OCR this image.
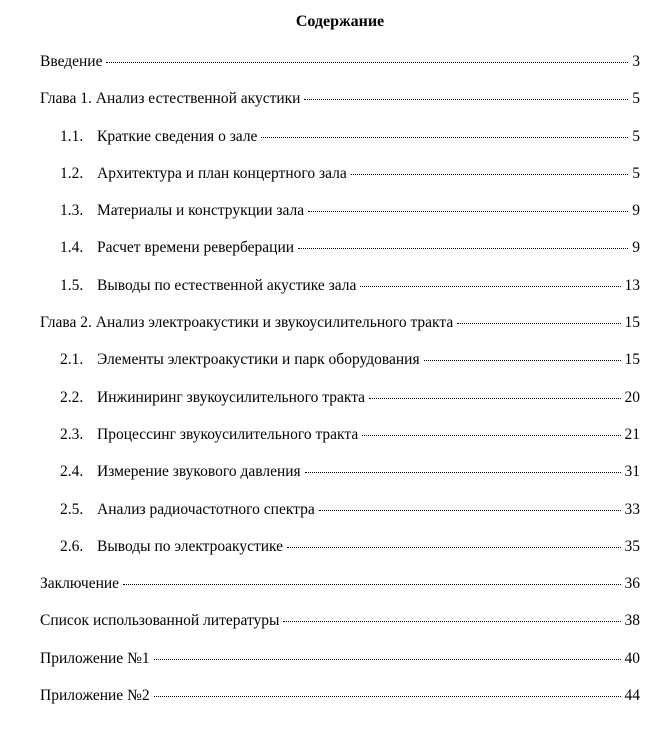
Содержание
Введение	3
Глава 1. Анализ естественной акустики	5
1.1. Краткие сведения о зале	5
1.2. Архитектура и план концертного зала	5
1.3. Материалы и конструкции зала	9
1.4. Расчет времени реверберации	9
1.5. Выводы по естественной акустике зала	13
Глава 2. Анализ электроакустики и звукоусилительного тракта	15
2.1. Элементы электроакустики и парк оборудования	15
2.2. Инжиниринг звукоусилительного тракта	20
2.3. Процессинг звукоусилительного тракта	21
2.4. Измерение звукового давления	31
2.5. Анализ радиочастотного спектра	33
2.6. Выводы по электроакустике	35
Заключение	36
Список использованной литературы	38
Приложение №1	40
Приложение №2	44
